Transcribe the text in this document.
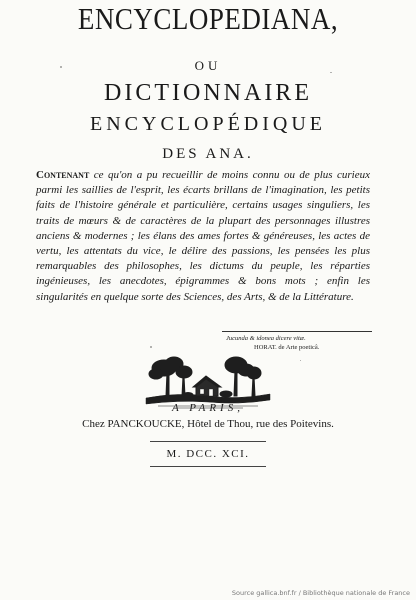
ENCYCLOPEDIANA,
OU
DICTIONNAIRE
ENCYCLOPÉDIQUE
DES ANA.
Contenant ce qu'on a pu recueillir de moins connu ou de plus curieux parmi les saillies de l'esprit, les écarts brillans de l'imagination, les petits faits de l'histoire générale et particulière, certains usages singuliers, les traits de mœurs & de caractères de la plupart des personnages illustres anciens & modernes ; les élans des ames fortes & généreuses, les actes de vertu, les attentats du vice, le délire des passions, les pensées les plus remarquables des philosophes, les dictums du peuple, les réparties ingénieuses, les anecdotes, épigrammes & bons mots ; enfin les singularités en quelque sorte des Sciences, des Arts, & de la Littérature.
Jucunda & idonea dicere vitæ.
HORAT. de Arte poeticâ.
A PARIS,
Chez PANCKOUCKE, Hôtel de Thou, rue des Poitevins.
M. DCC. XCI.
Source gallica.bnf.fr / Bibliothèque nationale de France
